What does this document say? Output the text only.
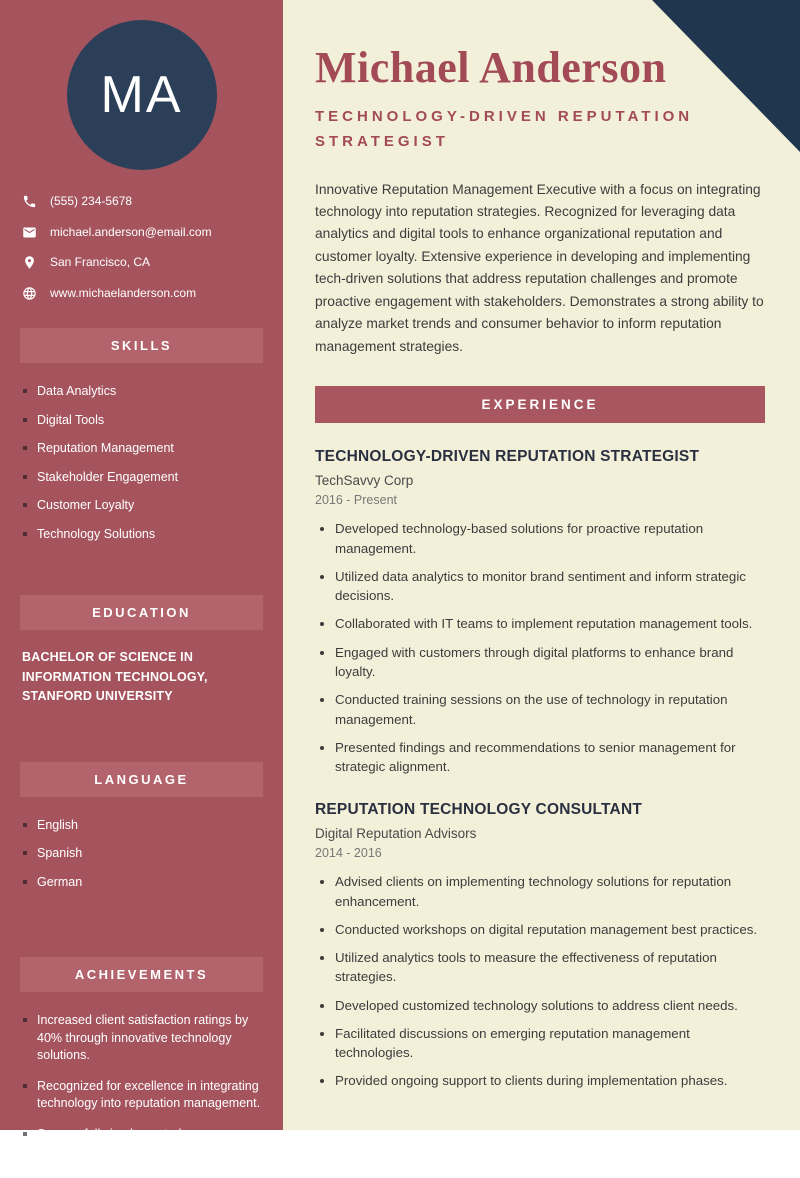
MA
(555) 234-5678
michael.anderson@email.com
San Francisco, CA
www.michaelanderson.com
SKILLS
Data Analytics
Digital Tools
Reputation Management
Stakeholder Engagement
Customer Loyalty
Technology Solutions
EDUCATION

BACHELOR OF SCIENCE IN INFORMATION TECHNOLOGY, STANFORD UNIVERSITY

LANGUAGE
English
Spanish
German
ACHIEVEMENTS
Increased client satisfaction ratings by 40% through innovative technology solutions.
Recognized for excellence in integrating technology into reputation management.
Successfully implemented a new reputation management tool that improved monitoring efficiency.
Michael Anderson
TECHNOLOGY-DRIVEN REPUTATION STRATEGIST

Innovative Reputation Management Executive with a focus on integrating technology into reputation strategies. Recognized for leveraging data analytics and digital tools to enhance organizational reputation and customer loyalty. Extensive experience in developing and implementing tech-driven solutions that address reputation challenges and promote proactive engagement with stakeholders. Demonstrates a strong ability to analyze market trends and consumer behavior to inform reputation management strategies.

EXPERIENCE
TECHNOLOGY-DRIVEN REPUTATION STRATEGIST
TechSavvy Corp
2016 - Present
• Developed technology-based solutions for proactive reputation management.
• Utilized data analytics to monitor brand sentiment and inform strategic decisions.
• Collaborated with IT teams to implement reputation management tools.
• Engaged with customers through digital platforms to enhance brand loyalty.
• Conducted training sessions on the use of technology in reputation management.
• Presented findings and recommendations to senior management for strategic alignment.
REPUTATION TECHNOLOGY CONSULTANT
Digital Reputation Advisors
2014 - 2016
• Advised clients on implementing technology solutions for reputation enhancement.
• Conducted workshops on digital reputation management best practices.
• Utilized analytics tools to measure the effectiveness of reputation strategies.
• Developed customized technology solutions to address client needs.
• Facilitated discussions on emerging reputation management technologies.
• Provided ongoing support to clients during implementation phases.
